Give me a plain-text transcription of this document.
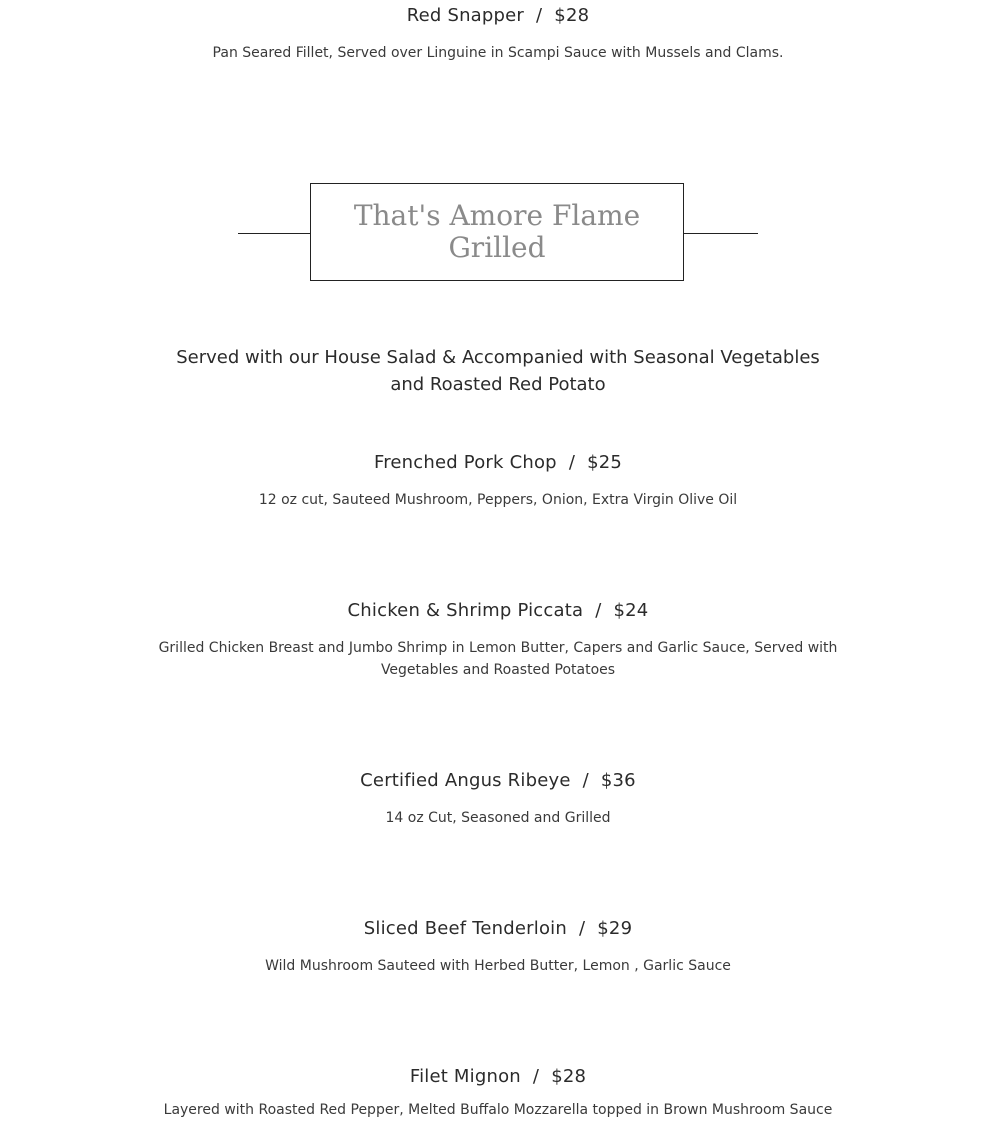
Red Snapper / $28
Pan Seared Fillet, Served over Linguine in Scampi Sauce with Mussels and Clams.
That's Amore Flame Grilled
Served with our House Salad & Accompanied with Seasonal Vegetables and Roasted Red Potato
Frenched Pork Chop / $25
12 oz cut, Sauteed Mushroom, Peppers, Onion, Extra Virgin Olive Oil
Chicken & Shrimp Piccata / $24
Grilled Chicken Breast and Jumbo Shrimp in Lemon Butter, Capers and Garlic Sauce, Served with Vegetables and Roasted Potatoes
Certified Angus Ribeye / $36
14 oz Cut, Seasoned and Grilled
Sliced Beef Tenderloin / $29
Wild Mushroom Sauteed with Herbed Butter, Lemon , Garlic Sauce
Filet Mignon / $28
Layered with Roasted Red Pepper, Melted Buffalo Mozzarella topped in Brown Mushroom Sauce
